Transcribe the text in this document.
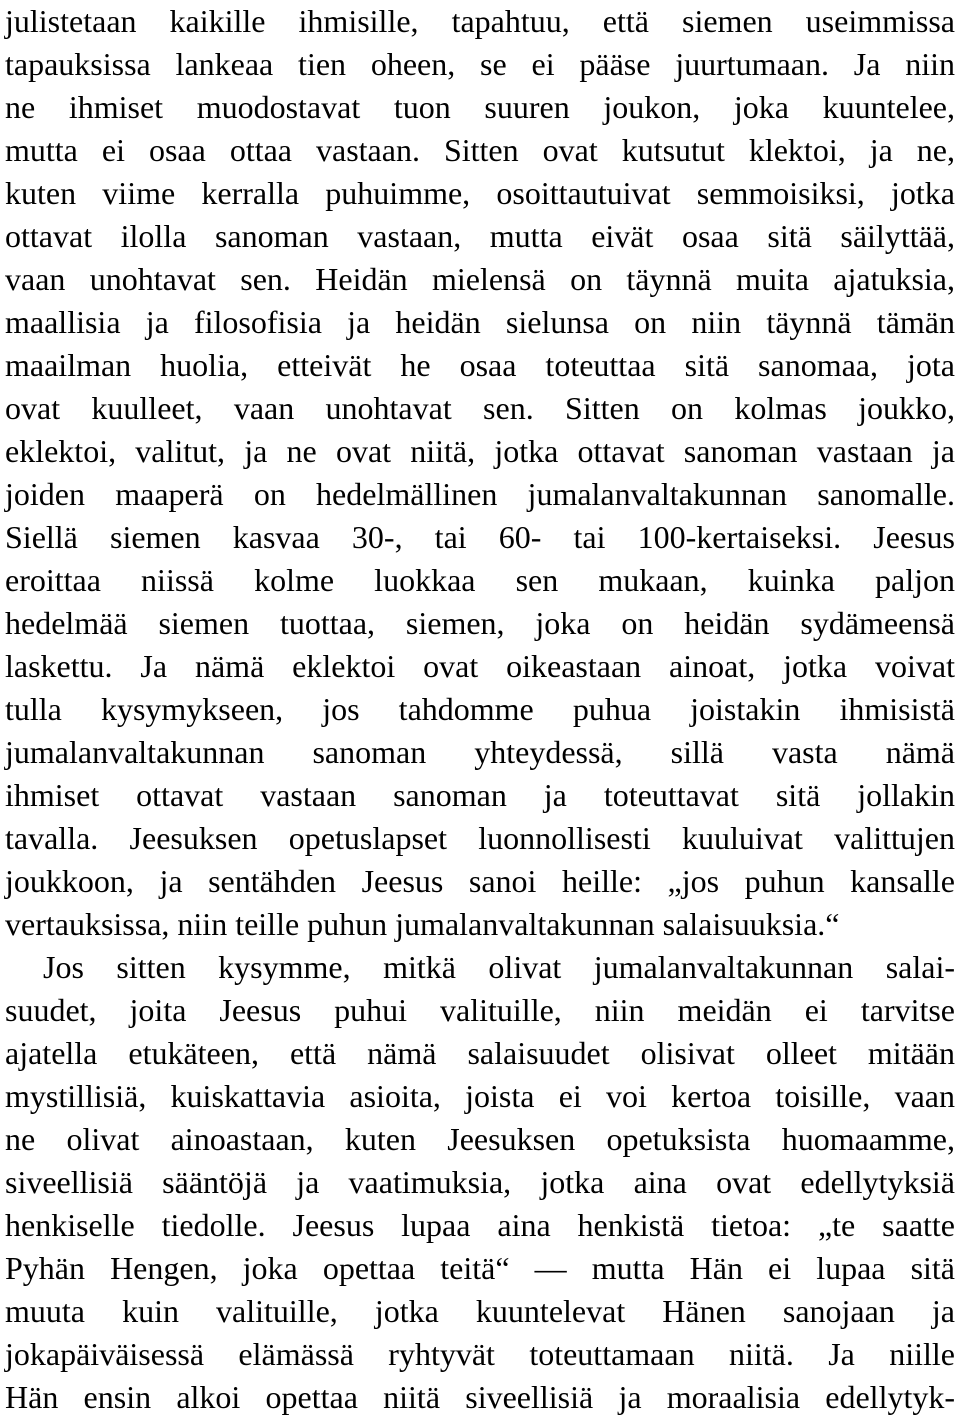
julistetaan kaikille ihmisille, tapahtuu, että siemen useimmissa
tapauksissa lankeaa tien oheen, se ei pääse juurtumaan. Ja niin
ne ihmiset muodostavat tuon suuren joukon, joka kuuntelee,
mutta ei osaa ottaa vastaan. Sitten ovat kutsutut klektoi, ja ne,
kuten viime kerralla puhuimme, osoittautuivat semmoisiksi, jotka
ottavat ilolla sanoman vastaan, mutta eivät osaa sitä säilyttää,
vaan unohtavat sen. Heidän mielensä on täynnä muita ajatuksia,
maallisia ja filosofisia ja heidän sielunsa on niin täynnä tämän
maailman huolia, etteivät he osaa toteuttaa sitä sanomaa, jota
ovat kuulleet, vaan unohtavat sen. Sitten on kolmas joukko,
eklektoi, valitut, ja ne ovat niitä, jotka ottavat sanoman vastaan ja
joiden maaperä on hedelmällinen jumalanvaltakunnan sanomalle.
Siellä siemen kasvaa 30-, tai 60- tai 100-kertaiseksi. Jeesus
eroittaa niissä kolme luokkaa sen mukaan, kuinka paljon
hedelmää siemen tuottaa, siemen, joka on heidän sydämeensä
laskettu. Ja nämä eklektoi ovat oikeastaan ainoat, jotka voivat
tulla kysymykseen, jos tahdomme puhua joistakin ihmisistä
jumalanvaltakunnan sanoman yhteydessä, sillä vasta nämä
ihmiset ottavat vastaan sanoman ja toteuttavat sitä jollakin
tavalla. Jeesuksen opetuslapset luonnollisesti kuuluivat valittujen
joukkoon, ja sentähden Jeesus sanoi heille: „jos puhun kansalle
vertauksissa, niin teille puhun jumalanvaltakunnan salaisuuksia.“
Jos sitten kysymme, mitkä olivat jumalanvaltakunnan salai-
suudet, joita Jeesus puhui valituille, niin meidän ei tarvitse
ajatella etukäteen, että nämä salaisuudet olisivat olleet mitään
mystillisiä, kuiskattavia asioita, joista ei voi kertoa toisille, vaan
ne olivat ainoastaan, kuten Jeesuksen opetuksista huomaamme,
siveellisiä sääntöjä ja vaatimuksia, jotka aina ovat edellytyksiä
henkiselle tiedolle. Jeesus lupaa aina henkistä tietoa: „te saatte
Pyhän Hengen, joka opettaa teitä“ — mutta Hän ei lupaa sitä
muuta kuin valituille, jotka kuuntelevat Hänen sanojaan ja
jokapäiväisessä elämässä ryhtyvät toteuttamaan niitä. Ja niille
Hän ensin alkoi opettaa niitä siveellisiä ja moraalisia edellytyk-
